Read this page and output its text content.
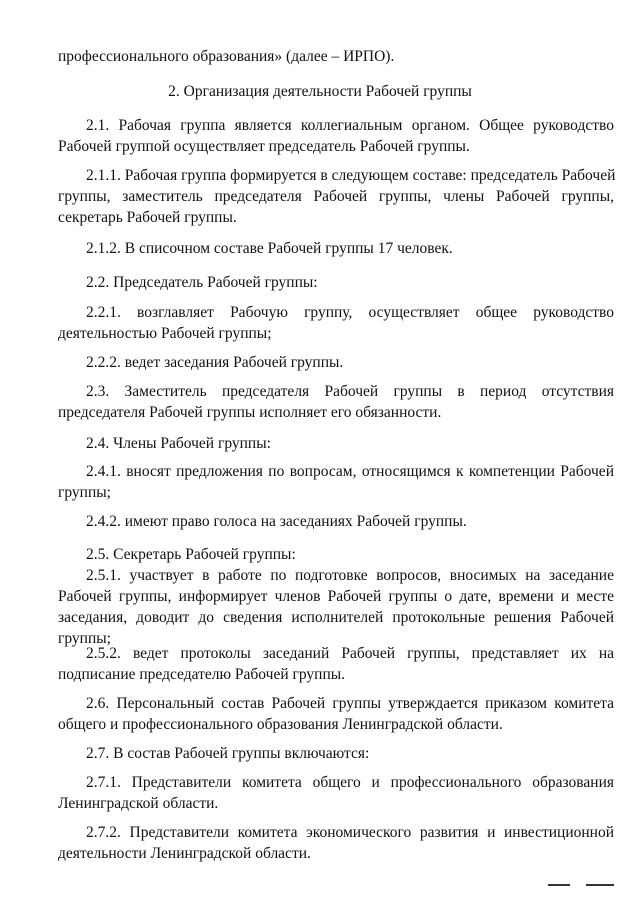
профессионального образования» (далее – ИРПО).
2. Организация деятельности Рабочей группы
2.1. Рабочая группа является коллегиальным органом. Общее руководство
Рабочей группой осуществляет председатель Рабочей группы.
2.1.1. Рабочая группа формируется в следующем составе: председатель Рабочей
группы, заместитель председателя Рабочей группы, члены Рабочей группы,
секретарь Рабочей группы.
2.1.2. В списочном составе Рабочей группы 17 человек.
2.2. Председатель Рабочей группы:
2.2.1. возглавляет Рабочую группу, осуществляет общее руководство
деятельностью Рабочей группы;
2.2.2. ведет заседания Рабочей группы.
2.3. Заместитель председателя Рабочей группы в период отсутствия
председателя Рабочей группы исполняет его обязанности.
2.4. Члены Рабочей группы:
2.4.1. вносят предложения по вопросам, относящимся к компетенции Рабочей
группы;
2.4.2. имеют право голоса на заседаниях Рабочей группы.
2.5. Секретарь Рабочей группы:
2.5.1. участвует в работе по подготовке вопросов, вносимых на заседание
Рабочей группы, информирует членов Рабочей группы о дате, времени и месте
заседания, доводит до сведения исполнителей протокольные решения Рабочей
группы;
2.5.2. ведет протоколы заседаний Рабочей группы, представляет их на
подписание председателю Рабочей группы.
2.6. Персональный состав Рабочей группы утверждается приказом комитета
общего и профессионального образования Ленинградской области.
2.7. В состав Рабочей группы включаются:
2.7.1. Представители комитета общего и профессионального образования
Ленинградской области.
2.7.2. Представители комитета экономического развития и инвестиционной
деятельности Ленинградской области.
